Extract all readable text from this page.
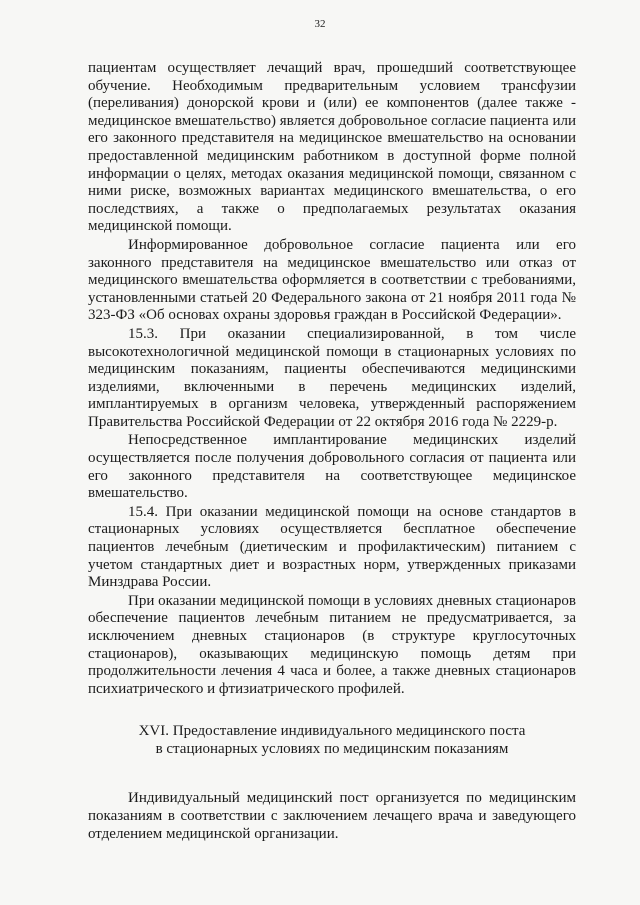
32

пациентам осуществляет лечащий врач, прошедший соответствующее обучение. Необходимым предварительным условием трансфузии (переливания) донорской крови и (или) ее компонентов (далее также - медицинское вмешательство) является добровольное согласие пациента или его законного представителя на медицинское вмешательство на основании предоставленной медицинским работником в доступной форме полной информации о целях, методах оказания медицинской помощи, связанном с ними риске, возможных вариантах медицинского вмешательства, о его последствиях, а также о предполагаемых результатах оказания медицинской помощи.

Информированное добровольное согласие пациента или его законного представителя на медицинское вмешательство или отказ от медицинского вмешательства оформляется в соответствии с требованиями, установленными статьей 20 Федерального закона от 21 ноября 2011 года № 323-ФЗ «Об основах охраны здоровья граждан в Российской Федерации».

15.3. При оказании специализированной, в том числе высокотехнологичной медицинской помощи в стационарных условиях по медицинским показаниям, пациенты обеспечиваются медицинскими изделиями, включенными в перечень медицинских изделий, имплантируемых в организм человека, утвержденный распоряжением Правительства Российской Федерации от 22 октября 2016 года № 2229-р.

Непосредственное имплантирование медицинских изделий осуществляется после получения добровольного согласия от пациента или его законного представителя на соответствующее медицинское вмешательство.

15.4. При оказании медицинской помощи на основе стандартов в стационарных условиях осуществляется бесплатное обеспечение пациентов лечебным (диетическим и профилактическим) питанием с учетом стандартных диет и возрастных норм, утвержденных приказами Минздрава России.

При оказании медицинской помощи в условиях дневных стационаров обеспечение пациентов лечебным питанием не предусматривается, за исключением дневных стационаров (в структуре круглосуточных стационаров), оказывающих медицинскую помощь детям при продолжительности лечения 4 часа и более, а также дневных стационаров психиатрического и фтизиатрического профилей.

XVI. Предоставление индивидуального медицинского поста
в стационарных условиях по медицинским показаниям

Индивидуальный медицинский пост организуется по медицинским показаниям в соответствии с заключением лечащего врача и заведующего отделением медицинской организации.
